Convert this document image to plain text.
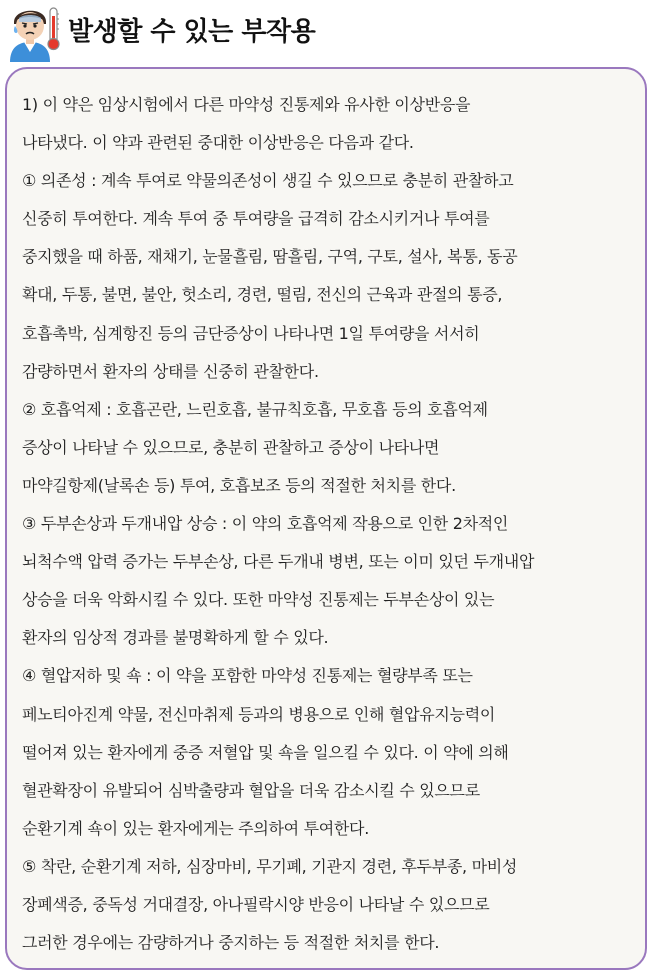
발생할 수 있는 부작용
1) 이 약은 임상시험에서 다른 마약성 진통제와 유사한 이상반응을
나타냈다. 이 약과 관련된 중대한 이상반응은 다음과 같다.
① 의존성 : 계속 투여로 약물의존성이 생길 수 있으므로 충분히 관찰하고
신중히 투여한다. 계속 투여 중 투여량을 급격히 감소시키거나 투여를
중지했을 때 하품, 재채기, 눈물흘림, 땀흘림, 구역, 구토, 설사, 복통, 동공
확대, 두통, 불면, 불안, 헛소리, 경련, 떨림, 전신의 근육과 관절의 통증,
호흡촉박, 심계항진 등의 금단증상이 나타나면 1일 투여량을 서서히
감량하면서 환자의 상태를 신중히 관찰한다.
② 호흡억제 : 호흡곤란, 느린호흡, 불규칙호흡, 무호흡 등의 호흡억제
증상이 나타날 수 있으므로, 충분히 관찰하고 증상이 나타나면
마약길항제(날록손 등) 투여, 호흡보조 등의 적절한 처치를 한다.
③ 두부손상과 두개내압 상승 : 이 약의 호흡억제 작용으로 인한 2차적인
뇌척수액 압력 증가는 두부손상, 다른 두개내 병변, 또는 이미 있던 두개내압
상승을 더욱 악화시킬 수 있다. 또한 마약성 진통제는 두부손상이 있는
환자의 임상적 경과를 불명확하게 할 수 있다.
④ 혈압저하 및 쇽 : 이 약을 포함한 마약성 진통제는 혈량부족 또는
페노티아진계 약물, 전신마취제 등과의 병용으로 인해 혈압유지능력이
떨어져 있는 환자에게 중증 저혈압 및 쇽을 일으킬 수 있다. 이 약에 의해
혈관확장이 유발되어 심박출량과 혈압을 더욱 감소시킬 수 있으므로
순환기계 쇽이 있는 환자에게는 주의하여 투여한다.
⑤ 착란, 순환기계 저하, 심장마비, 무기폐, 기관지 경련, 후두부종, 마비성
장폐색증, 중독성 거대결장, 아나필락시양 반응이 나타날 수 있으므로
그러한 경우에는 감량하거나 중지하는 등 적절한 처치를 한다.
